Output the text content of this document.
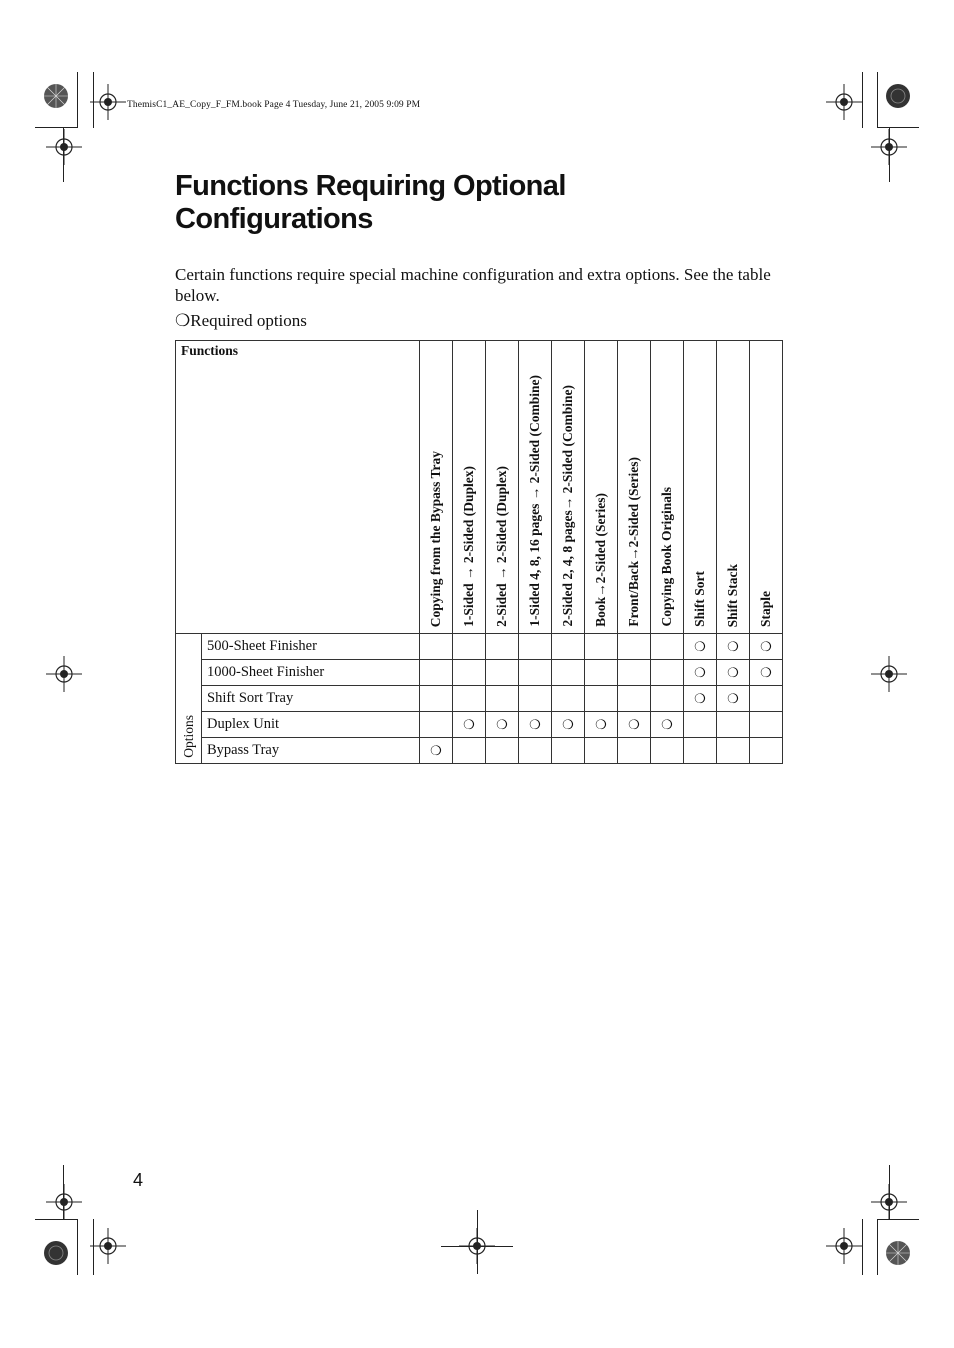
ThemisC1_AE_Copy_F_FM.book Page 4 Tuesday, June 21, 2005 9:09 PM
Functions Requiring Optional Configurations

Certain functions require special machine configuration and extra options. See the table below.

❍Required options
Functions		Copying from the Bypass Tray	1-Sided → 2-Sided (Duplex)	2-Sided → 2-Sided (Duplex)	1-Sided 4, 8, 16 pages → 2-Sided (Combine)	2-Sided 2, 4, 8 pages→ 2-Sided (Combine)	Book→2-Sided (Series)	Front/Back→2-Sided (Series)	Copying Book Originals	Shift Sort	Shift Stack	Staple

Options	500-Sheet Finisher									❍	❍	❍
	1000-Sheet Finisher									❍	❍	❍
	Shift Sort Tray									❍	❍	
	Duplex Unit		❍	❍	❍	❍	❍	❍	❍			
	Bypass Tray	❍										
4
